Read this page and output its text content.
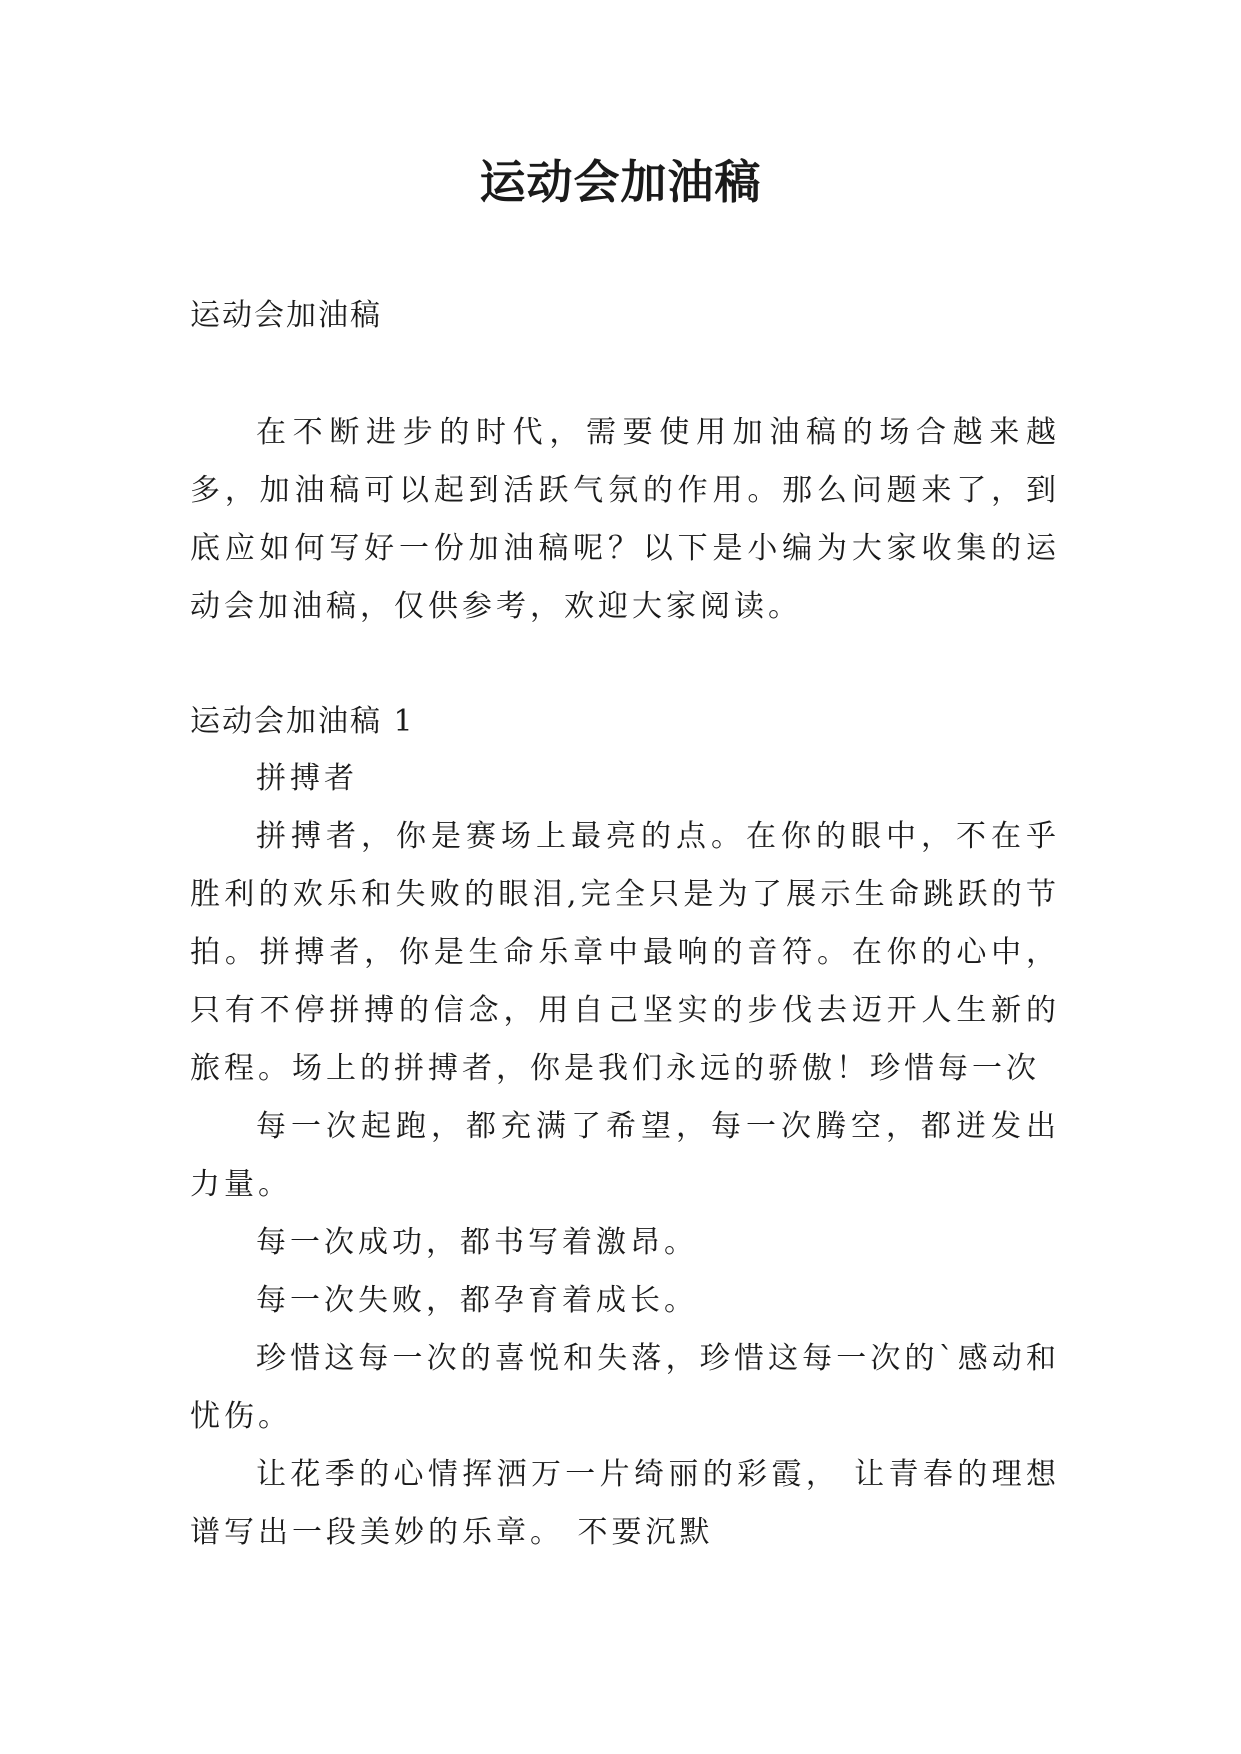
运动会加油稿

运动会加油稿

在不断进步的时代，需要使用加油稿的场合越来越多，加油稿可以起到活跃气氛的作用。那么问题来了，到底应如何写好一份加油稿呢？以下是小编为大家收集的运动会加油稿，仅供参考，欢迎大家阅读。

运动会加油稿 1

拼搏者

拼搏者，你是赛场上最亮的点。在你的眼中，不在乎胜利的欢乐和失败的眼泪,完全只是为了展示生命跳跃的节拍。拼搏者，你是生命乐章中最响的音符。在你的心中，只有不停拼搏的信念，用自己坚实的步伐去迈开人生新的旅程。场上的拼搏者，你是我们永远的骄傲！珍惜每一次

每一次起跑，都充满了希望，每一次腾空，都迸发出力量。

每一次成功，都书写着激昂。

每一次失败，都孕育着成长。

珍惜这每一次的喜悦和失落，珍惜这每一次的`感动和忧伤。

让花季的心情挥洒万一片绮丽的彩霞， 让青春的理想谱写出一段美妙的乐章。 不要沉默
